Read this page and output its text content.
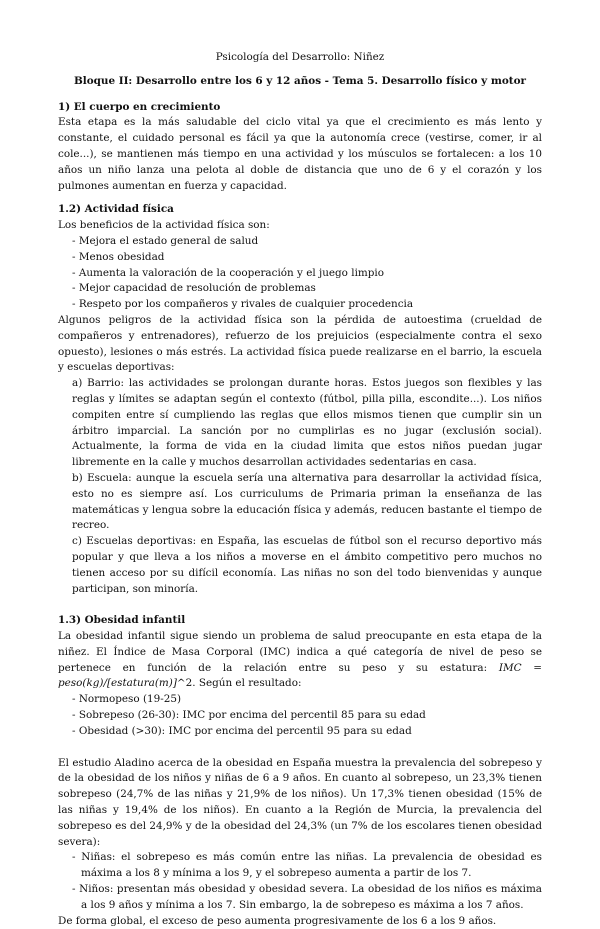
Psicología del Desarrollo: Niñez
Bloque II: Desarrollo entre los 6 y 12 años - Tema 5. Desarrollo físico y motor
1) El cuerpo en crecimiento

Esta etapa es la más saludable del ciclo vital ya que el crecimiento es más lento y constante, el cuidado personal es fácil ya que la autonomía crece (vestirse, comer, ir al cole...), se mantienen más tiempo en una actividad y los músculos se fortalecen: a los 10 años un niño lanza una pelota al doble de distancia que uno de 6 y el corazón y los pulmones aumentan en fuerza y capacidad.

1.2) Actividad física

Los beneficios de la actividad física son:

- Mejora el estado general de salud
- Menos obesidad
- Aumenta la valoración de la cooperación y el juego limpio
- Mejor capacidad de resolución de problemas
- Respeto por los compañeros y rivales de cualquier procedencia

Algunos peligros de la actividad física son la pérdida de autoestima (crueldad de compañeros y entrenadores), refuerzo de los prejuicios (especialmente contra el sexo opuesto), lesiones o más estrés. La actividad física puede realizarse en el barrio, la escuela y escuelas deportivas:

a) Barrio: las actividades se prolongan durante horas. Estos juegos son flexibles y las reglas y límites se adaptan según el contexto (fútbol, pilla pilla, escondite...). Los niños compiten entre sí cumpliendo las reglas que ellos mismos tienen que cumplir sin un árbitro imparcial. La sanción por no cumplirlas es no jugar (exclusión social). Actualmente, la forma de vida en la ciudad limita que estos niños puedan jugar libremente en la calle y muchos desarrollan actividades sedentarias en casa.

b) Escuela: aunque la escuela sería una alternativa para desarrollar la actividad física, esto no es siempre así. Los curriculums de Primaria priman la enseñanza de las matemáticas y lengua sobre la educación física y además, reducen bastante el tiempo de recreo.

c) Escuelas deportivas: en España, las escuelas de fútbol son el recurso deportivo más popular y que lleva a los niños a moverse en el ámbito competitivo pero muchos no tienen acceso por su difícil economía. Las niñas no son del todo bienvenidas y aunque participan, son minoría.

1.3) Obesidad infantil

La obesidad infantil sigue siendo un problema de salud preocupante en esta etapa de la niñez. El Índice de Masa Corporal (IMC) indica a qué categoría de nivel de peso se pertenece en función de la relación entre su peso y su estatura: IMC = peso(kg)/[estatura(m)]^2. Según el resultado:

- Normopeso (19-25)
- Sobrepeso (26-30): IMC por encima del percentil 85 para su edad
- Obesidad (>30): IMC por encima del percentil 95 para su edad

El estudio Aladino acerca de la obesidad en España muestra la prevalencia del sobrepeso y de la obesidad de los niños y niñas de 6 a 9 años. En cuanto al sobrepeso, un 23,3% tienen sobrepeso (24,7% de las niñas y 21,9% de los niños). Un 17,3% tienen obesidad (15% de las niñas y 19,4% de los niños). En cuanto a la Región de Murcia, la prevalencia del sobrepeso es del 24,9% y de la obesidad del 24,3% (un 7% de los escolares tienen obesidad severa):

- Niñas: el sobrepeso es más común entre las niñas. La prevalencia de obesidad es máxima a los 8 y mínima a los 9, y el sobrepeso aumenta a partir de los 7.
- Niños: presentan más obesidad y obesidad severa. La obesidad de los niños es máxima a los 9 años y mínima a los 7. Sin embargo, la de sobrepeso es máxima a los 7 años.

De forma global, el exceso de peso aumenta progresivamente de los 6 a los 9 años.
